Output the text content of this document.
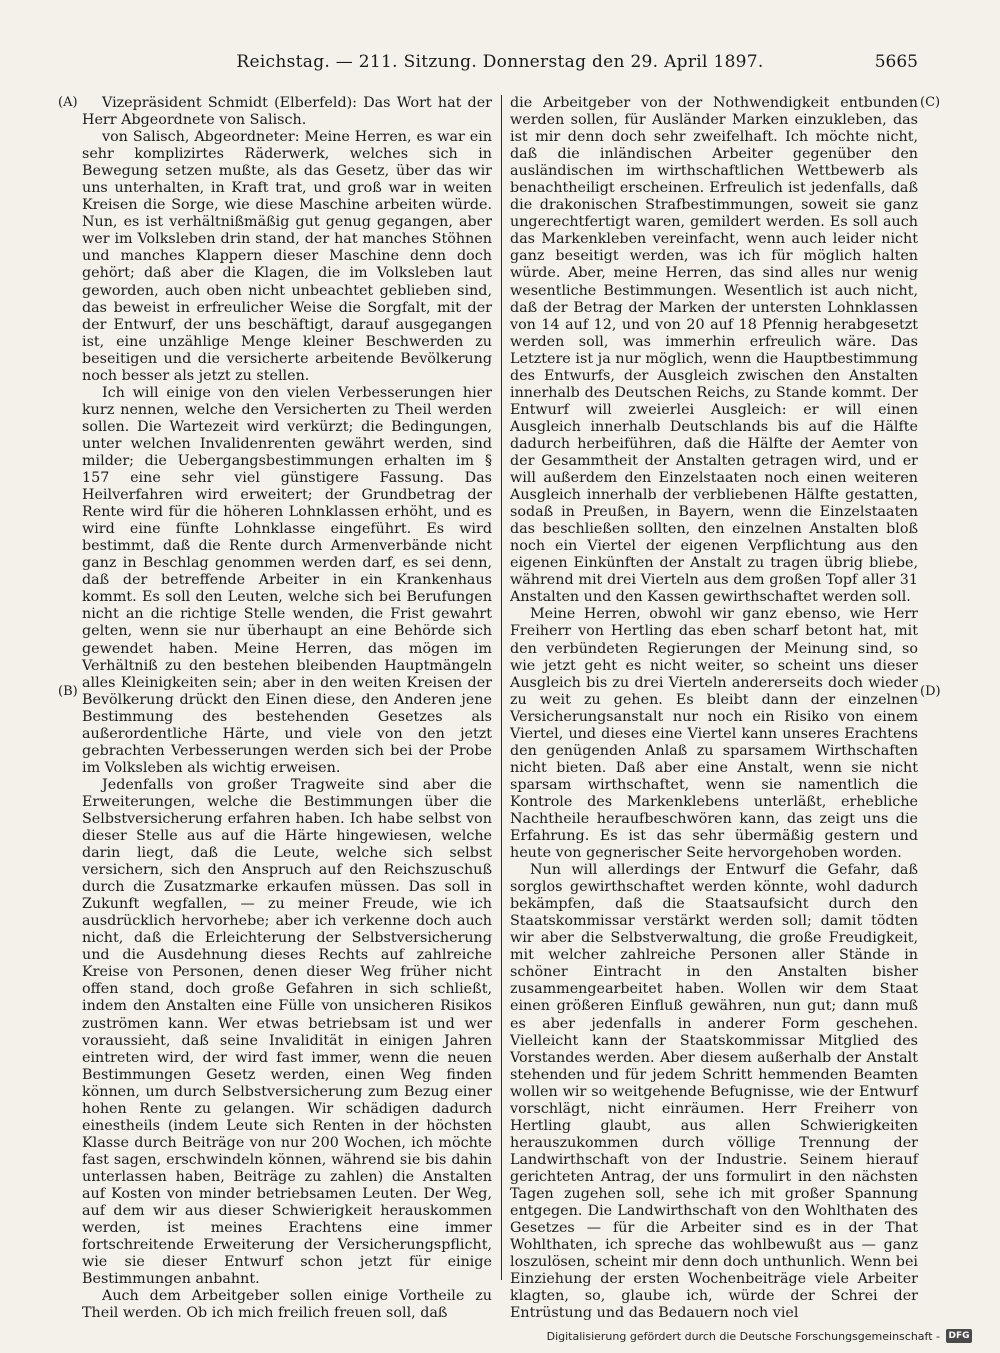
Reichstag. — 211. Sitzung. Donnerstag den 29. April 1897.	5665
(A)
(B)
(C)
(D)

Vizepräsident Schmidt (Elberfeld): Das Wort hat der Herr Abgeordnete von Salisch.

von Salisch, Abgeordneter: Meine Herren, es war ein sehr komplizirtes Räderwerk, welches sich in Bewegung setzen mußte, als das Gesetz, über das wir uns unterhalten, in Kraft trat, und groß war in weiten Kreisen die Sorge, wie diese Maschine arbeiten würde. Nun, es ist verhältnißmäßig gut genug gegangen, aber wer im Volksleben drin stand, der hat manches Stöhnen und manches Klappern dieser Maschine denn doch gehört; daß aber die Klagen, die im Volksleben laut geworden, auch oben nicht unbeachtet geblieben sind, das beweist in erfreulicher Weise die Sorgfalt, mit der der Entwurf, der uns beschäftigt, darauf ausgegangen ist, eine unzählige Menge kleiner Beschwerden zu beseitigen und die versicherte arbeitende Bevölkerung noch besser als jetzt zu stellen.

Ich will einige von den vielen Verbesserungen hier kurz nennen, welche den Versicherten zu Theil werden sollen. Die Wartezeit wird verkürzt; die Bedingungen, unter welchen Invalidenrenten gewährt werden, sind milder; die Uebergangsbestimmungen erhalten im § 157 eine sehr viel günstigere Fassung. Das Heilverfahren wird erweitert; der Grundbetrag der Rente wird für die höheren Lohnklassen erhöht, und es wird eine fünfte Lohnklasse eingeführt. Es wird bestimmt, daß die Rente durch Armenverbände nicht ganz in Beschlag genommen werden darf, es sei denn, daß der betreffende Arbeiter in ein Krankenhaus kommt. Es soll den Leuten, welche sich bei Berufungen nicht an die richtige Stelle wenden, die Frist gewahrt gelten, wenn sie nur überhaupt an eine Behörde sich gewendet haben. Meine Herren, das mögen im Verhältniß zu den bestehen bleibenden Hauptmängeln alles Kleinigkeiten sein; aber in den weiten Kreisen der Bevölkerung drückt den Einen diese, den Anderen jene Bestimmung des bestehenden Gesetzes als außerordentliche Härte, und viele von den jetzt gebrachten Verbesserungen werden sich bei der Probe im Volksleben als wichtig erweisen.

Jedenfalls von großer Tragweite sind aber die Erweiterungen, welche die Bestimmungen über die Selbstversicherung erfahren haben. Ich habe selbst von dieser Stelle aus auf die Härte hingewiesen, welche darin liegt, daß die Leute, welche sich selbst versichern, sich den Anspruch auf den Reichszuschuß durch die Zusatzmarke erkaufen müssen. Das soll in Zukunft wegfallen, — zu meiner Freude, wie ich ausdrücklich hervorhebe; aber ich verkenne doch auch nicht, daß die Erleichterung der Selbstversicherung und die Ausdehnung dieses Rechts auf zahlreiche Kreise von Personen, denen dieser Weg früher nicht offen stand, doch große Gefahren in sich schließt, indem den Anstalten eine Fülle von unsicheren Risikos zuströmen kann. Wer etwas betriebsam ist und wer voraussieht, daß seine Invalidität in einigen Jahren eintreten wird, der wird fast immer, wenn die neuen Bestimmungen Gesetz werden, einen Weg finden können, um durch Selbstversicherung zum Bezug einer hohen Rente zu gelangen. Wir schädigen dadurch einestheils (indem Leute sich Renten in der höchsten Klasse durch Beiträge von nur 200 Wochen, ich möchte fast sagen, erschwindeln können, während sie bis dahin unterlassen haben, Beiträge zu zahlen) die Anstalten auf Kosten von minder betriebsamen Leuten. Der Weg, auf dem wir aus dieser Schwierigkeit herauskommen werden, ist meines Erachtens eine immer fortschreitende Erweiterung der Versicherungspflicht, wie sie dieser Entwurf schon jetzt für einige Bestimmungen anbahnt.

Auch dem Arbeitgeber sollen einige Vortheile zu Theil werden. Ob ich mich freilich freuen soll, daß

die Arbeitgeber von der Nothwendigkeit entbunden werden sollen, für Ausländer Marken einzukleben, das ist mir denn doch sehr zweifelhaft. Ich möchte nicht, daß die inländischen Arbeiter gegenüber den ausländischen im wirthschaftlichen Wettbewerb als benachtheiligt erscheinen. Erfreulich ist jedenfalls, daß die drakonischen Strafbestimmungen, soweit sie ganz ungerechtfertigt waren, gemildert werden. Es soll auch das Markenkleben vereinfacht, wenn auch leider nicht ganz beseitigt werden, was ich für möglich halten würde. Aber, meine Herren, das sind alles nur wenig wesentliche Bestimmungen. Wesentlich ist auch nicht, daß der Betrag der Marken der untersten Lohnklassen von 14 auf 12, und von 20 auf 18 Pfennig herabgesetzt werden soll, was immerhin erfreulich wäre. Das Letztere ist ja nur möglich, wenn die Hauptbestimmung des Entwurfs, der Ausgleich zwischen den Anstalten innerhalb des Deutschen Reichs, zu Stande kommt. Der Entwurf will zweierlei Ausgleich: er will einen Ausgleich innerhalb Deutschlands bis auf die Hälfte dadurch herbeiführen, daß die Hälfte der Aemter von der Gesammtheit der Anstalten getragen wird, und er will außerdem den Einzelstaaten noch einen weiteren Ausgleich innerhalb der verbliebenen Hälfte gestatten, sodaß in Preußen, in Bayern, wenn die Einzelstaaten das beschließen sollten, den einzelnen Anstalten bloß noch ein Viertel der eigenen Verpflichtung aus den eigenen Einkünften der Anstalt zu tragen übrig bliebe, während mit drei Vierteln aus dem großen Topf aller 31 Anstalten und den Kassen gewirthschaftet werden soll.

Meine Herren, obwohl wir ganz ebenso, wie Herr Freiherr von Hertling das eben scharf betont hat, mit den verbündeten Regierungen der Meinung sind, so wie jetzt geht es nicht weiter, so scheint uns dieser Ausgleich bis zu drei Vierteln andererseits doch wieder zu weit zu gehen. Es bleibt dann der einzelnen Versicherungsanstalt nur noch ein Risiko von einem Viertel, und dieses eine Viertel kann unseres Erachtens den genügenden Anlaß zu sparsamem Wirthschaften nicht bieten. Daß aber eine Anstalt, wenn sie nicht sparsam wirthschaftet, wenn sie namentlich die Kontrole des Markenklebens unterläßt, erhebliche Nachtheile heraufbeschwören kann, das zeigt uns die Erfahrung. Es ist das sehr übermäßig gestern und heute von gegnerischer Seite hervorgehoben worden.

Nun will allerdings der Entwurf die Gefahr, daß sorglos gewirthschaftet werden könnte, wohl dadurch bekämpfen, daß die Staatsaufsicht durch den Staatskommissar verstärkt werden soll; damit tödten wir aber die Selbstverwaltung, die große Freudigkeit, mit welcher zahlreiche Personen aller Stände in schöner Eintracht in den Anstalten bisher zusammengearbeitet haben. Wollen wir dem Staat einen größeren Einfluß gewähren, nun gut; dann muß es aber jedenfalls in anderer Form geschehen. Vielleicht kann der Staatskommissar Mitglied des Vorstandes werden. Aber diesem außerhalb der Anstalt stehenden und für jedem Schritt hemmenden Beamten wollen wir so weitgehende Befugnisse, wie der Entwurf vorschlägt, nicht einräumen. Herr Freiherr von Hertling glaubt, aus allen Schwierigkeiten herauszukommen durch völlige Trennung der Landwirthschaft von der Industrie. Seinem hierauf gerichteten Antrag, der uns formulirt in den nächsten Tagen zugehen soll, sehe ich mit großer Spannung entgegen. Die Landwirthschaft von den Wohlthaten des Gesetzes — für die Arbeiter sind es in der That Wohlthaten, ich spreche das wohlbewußt aus — ganz loszulösen, scheint mir denn doch unthunlich. Wenn bei Einziehung der ersten Wochenbeiträge viele Arbeiter klagten, so, glaube ich, würde der Schrei der Entrüstung und das Bedauern noch viel

Digitalisierung gefördert durch die Deutsche Forschungsgemeinschaft - DFG
